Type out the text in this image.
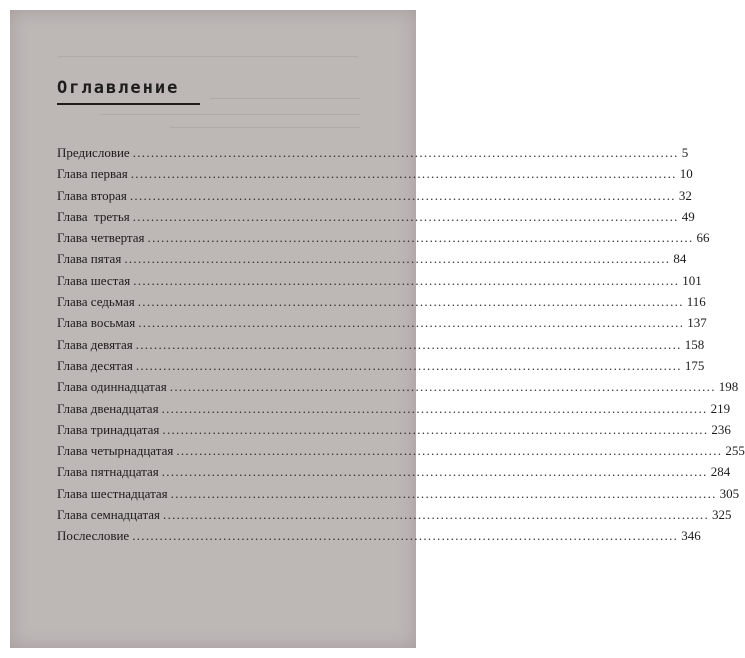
Оглавление
Предисловие ........................................................................................................................ 5
Глава первая ........................................................................................................................ 10
Глава вторая ........................................................................................................................ 32
Глава  третья ........................................................................................................................ 49
Глава четвертая ........................................................................................................................ 66
Глава пятая ........................................................................................................................ 84
Глава шестая ........................................................................................................................ 101
Глава седьмая ........................................................................................................................ 116
Глава восьмая ........................................................................................................................ 137
Глава девятая ........................................................................................................................ 158
Глава десятая ........................................................................................................................ 175
Глава одиннадцатая ........................................................................................................................ 198
Глава двенадцатая ........................................................................................................................ 219
Глава тринадцатая ........................................................................................................................ 236
Глава четырнадцатая ........................................................................................................................ 255
Глава пятнадцатая ........................................................................................................................ 284
Глава шестнадцатая ........................................................................................................................ 305
Глава семнадцатая ........................................................................................................................ 325
Послесловие ........................................................................................................................ 346
